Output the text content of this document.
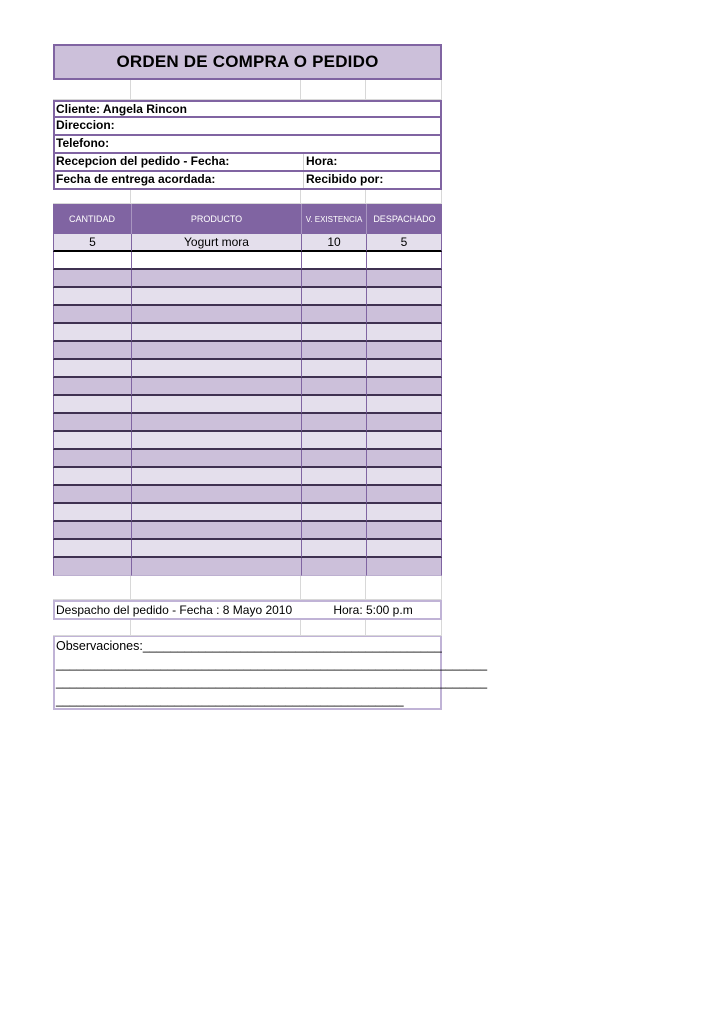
ORDEN DE COMPRA O PEDIDO
Cliente: Angela Rincon
Direccion:
Telefono:
Recepcion del pedido - Fecha:	Hora:
Fecha de entrega acordada:	Recibido por:
CANTIDAD	PRODUCTO	V. EXISTENCIA	DESPACHADO
5	Yogurt mora	10	5
Despacho del pedido - Fecha : 8 Mayo 2010	Hora: 5:00 p.m
Observaciones:___________________________________________
______________________________________________________________
______________________________________________________________
__________________________________________________
